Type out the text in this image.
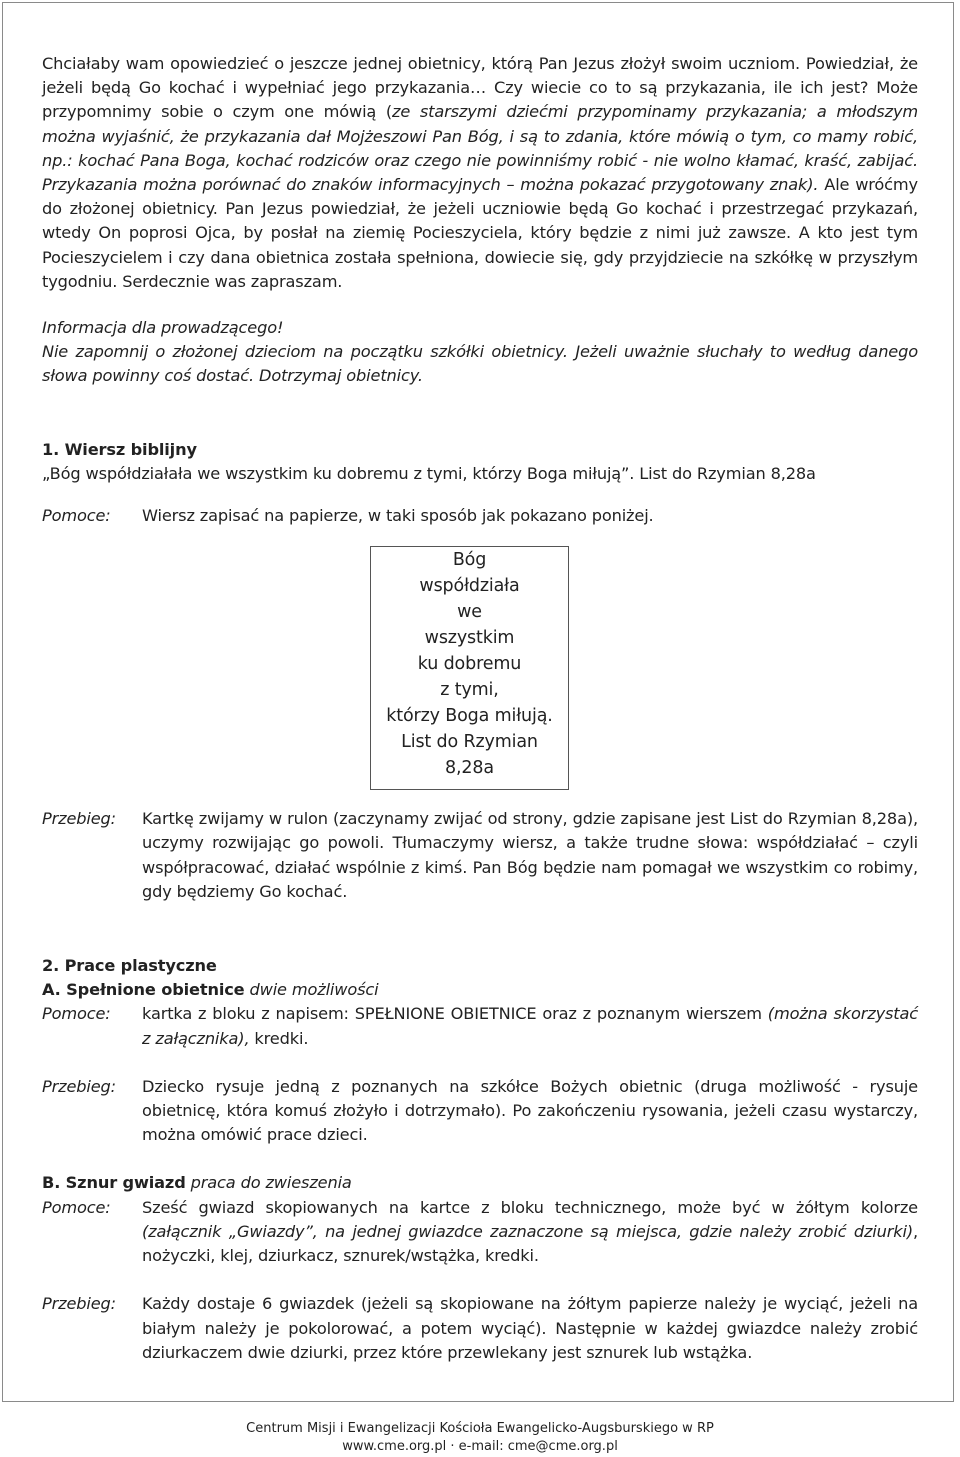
Chciałaby wam opowiedzieć o jeszcze jednej obietnicy, którą Pan Jezus złożył swoim uczniom. Powiedział, że jeżeli będą Go kochać i wypełniać jego przykazania… Czy wiecie co to są przykazania, ile ich jest? Może przypomnimy sobie o czym one mówią (ze starszymi dziećmi przypominamy przykazania; a młodszym można wyjaśnić, że przykazania dał Mojżeszowi Pan Bóg, i są to zdania, które mówią o tym, co mamy robić, np.: kochać Pana Boga, kochać rodziców oraz czego nie powinniśmy robić - nie wolno kłamać, kraść, zabijać. Przykazania można porównać do znaków informacyjnych – można pokazać przygotowany znak). Ale wróćmy do złożonej obietnicy. Pan Jezus powiedział, że jeżeli uczniowie będą Go kochać i przestrzegać przykazań, wtedy On poprosi Ojca, by posłał na ziemię Pocieszyciela, który będzie z nimi już zawsze. A kto jest tym Pocieszycielem i czy dana obietnica została spełniona, dowiecie się, gdy przyjdziecie na szkółkę w przyszłym tygodniu. Serdecznie was zapraszam.

Informacja dla prowadzącego!

Nie zapomnij o złożonej dzieciom na początku szkółki obietnicy. Jeżeli uważnie słuchały to według danego słowa powinny coś dostać. Dotrzymaj obietnicy.

1. Wiersz biblijny

„Bóg współdziałała we wszystkim ku dobremu z tymi, którzy Boga miłują”. List do Rzymian 8,28a

Pomoce:	Wiersz zapisać na papierze, w taki sposób jak pokazano poniżej.
Bóg
współdziała
we
wszystkim
ku dobremu
z tymi,
którzy Boga miłują.
List do Rzymian
8,28a
Przebieg:	Kartkę zwijamy w rulon (zaczynamy zwijać od strony, gdzie zapisane jest List do Rzymian 8,28a), uczymy rozwijając go powoli. Tłumaczymy wiersz, a także trudne słowa: współdziałać – czyli współpracować, działać wspólnie z kimś. Pan Bóg będzie nam pomagał we wszystkim co robimy, gdy będziemy Go kochać.

2. Prace plastyczne

A. Spełnione obietnice dwie możliwości

Pomoce:	kartka z bloku z napisem: SPEŁNIONE OBIETNICE oraz z poznanym wierszem (można skorzystać z załącznika), kredki.
Przebieg:	Dziecko rysuje jedną z poznanych na szkółce Bożych obietnic (druga możliwość - rysuje obietnicę, która komuś złożyło i dotrzymało). Po zakończeniu rysowania, jeżeli czasu wystarczy, można omówić prace dzieci.

B. Sznur gwiazd praca do zwieszenia

Pomoce:	Sześć gwiazd skopiowanych na kartce z bloku technicznego, może być w żółtym kolorze (załącznik „Gwiazdy”, na jednej gwiazdce zaznaczone są miejsca, gdzie należy zrobić dziurki), nożyczki, klej, dziurkacz, sznurek/wstążka, kredki.
Przebieg:	Każdy dostaje 6 gwiazdek (jeżeli są skopiowane na żółtym papierze należy je wyciąć, jeżeli na białym należy je pokolorować, a potem wyciąć). Następnie w każdej gwiazdce należy zrobić dziurkaczem dwie dziurki, przez które przewlekany jest sznurek lub wstążka.
Centrum Misji i Ewangelizacji Kościoła Ewangelicko-Augsburskiego w RP
www.cme.org.pl · e-mail: cme@cme.org.pl
